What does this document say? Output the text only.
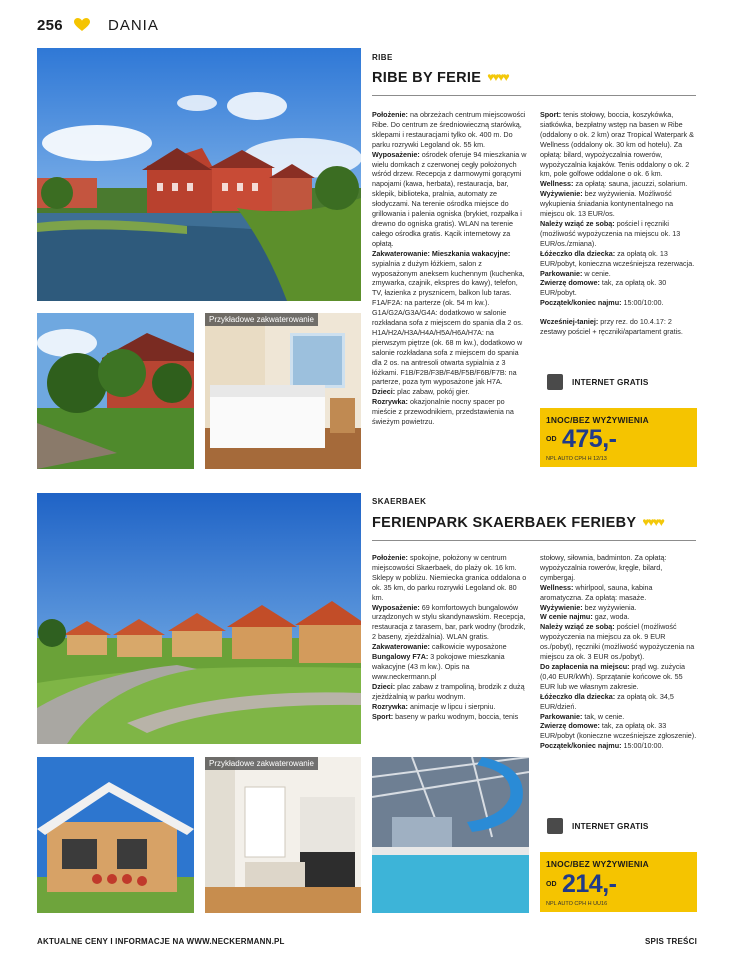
256	DANIA
Przykładowe zakwaterowanie
RIBE
RIBE BY FERIE ♥♥♥♥

Położenie: na obrzeżach centrum miejscowości Ribe. Do centrum ze średniowieczną starówką, sklepami i restauracjami tylko ok. 400 m. Do parku rozrywki Legoland ok. 55 km.

Wyposażenie: ośrodek oferuje 94 mieszkania w wielu domkach z czerwonej cegły położonych wśród drzew. Recepcja z darmowymi gorącymi napojami (kawa, herbata), restauracja, bar, sklepik, biblioteka, pralnia, automaty ze słodyczami. Na terenie ośrodka miejsce do grillowania i palenia ogniska (brykiet, rozpałka i drewno do ogniska gratis). WLAN na terenie całego ośrodka gratis. Kącik internetowy za opłatą.

Zakwaterowanie: Mieszkania wakacyjne: sypialnia z dużym łóżkiem, salon z wyposażonym aneksem kuchennym (kuchenka, zmywarka, czajnik, ekspres do kawy), telefon, TV, łazienka z prysznicem, balkon lub taras. F1A/F2A: na parterze (ok. 54 m kw.). G1A/G2A/G3A/G4A: dodatkowo w salonie rozkładana sofa z miejscem do spania dla 2 os. H1A/H2A/H3A/H4A/H5A/H6A/H7A: na pierwszym piętrze (ok. 68 m kw.), dodatkowo w salonie rozkładana sofa z miejscem do spania dla 2 os. na antresoli otwarta sypialnia z 3 łóżkami. F1B/F2B/F3B/F4B/F5B/F6B/F7B: na parterze, poza tym wyposażone jak H7A.

Dzieci: plac zabaw, pokój gier.

Rozrywka: okazjonalnie nocny spacer po mieście z przewodnikiem, przedstawienia na świeżym powietrzu.

Sport: tenis stołowy, boccia, koszykówka, siatkówka, bezpłatny wstęp na basen w Ribe (oddalony o ok. 2 km) oraz Tropical Waterpark & Wellness (oddalony ok. 30 km od hotelu). Za opłatą: bilard, wypożyczalnia rowerów, wypożyczalnia kajaków. Tenis oddalony o ok. 2 km, pole golfowe oddalone o ok. 6 km.

Wellness: za opłatą: sauna, jacuzzi, solarium.

Wyżywienie: bez wyżywienia. Możliwość wykupienia śniadania kontynentalnego na miejscu ok. 13 EUR/os.

Należy wziąć ze sobą: pościel i ręczniki (możliwość wypożyczenia na miejscu ok. 13 EUR/os./zmiana).

Łóżeczko dla dziecka: za opłatą ok. 13 EUR/pobyt, konieczna wcześniejsza rezerwacja.

Parkowanie: w cenie.

Zwierzę domowe: tak, za opłatą ok. 30 EUR/pobyt.

Początek/koniec najmu: 15:00/10:00.

Wcześniej-taniej: przy rez. do 10.4.17: 2 zestawy pościel + ręczniki/apartament gratis.

INTERNET GRATIS
1NOC/BEZ WYŻYWIENIA
OD 475,-
NPL AUTO CPH H 12/13
Przykładowe zakwaterowanie
SKAERBAEK
FERIENPARK SKAERBAEK FERIEBY ♥♥♥♥

Położenie: spokojne, położony w centrum miejscowości Skaerbaek, do plaży ok. 16 km. Sklepy w pobliżu. Niemiecka granica oddalona o ok. 35 km, do parku rozrywki Legoland ok. 80 km.

Wyposażenie: 69 komfortowych bungalowów urządzonych w stylu skandynawskim. Recepcja, restauracja z tarasem, bar, park wodny (brodzik, 2 baseny, zjeżdżalnia). WLAN gratis.

Zakwaterowanie: całkowicie wyposażone

Bungalowy F7A: 3 pokojowe mieszkania wakacyjne (43 m kw.). Opis na www.neckermann.pl

Dzieci: plac zabaw z trampoliną, brodzik z dużą zjeżdżalnią w parku wodnym.

Rozrywka: animacje w lipcu i sierpniu.

Sport: baseny w parku wodnym, boccia, tenis

stołowy, siłownia, badminton. Za opłatą: wypożyczalnia rowerów, kręgle, bilard, cymbergaj.

Wellness: whirlpool, sauna, kabina aromatyczna. Za opłatą: masaże.

Wyżywienie: bez wyżywienia.

W cenie najmu: gaz, woda.

Należy wziąć ze sobą: pościel (możliwość wypożyczenia na miejscu za ok. 9 EUR os./pobyt), ręczniki (możliwość wypożyczenia na miejscu za ok. 3 EUR os./pobyt).

Do zapłacenia na miejscu: prąd wg. zużycia (0,40 EUR/kWh). Sprzątanie końcowe ok. 55 EUR lub we własnym zakresie.

Łóżeczko dla dziecka: za opłatą ok. 34,5 EUR/dzień.

Parkowanie: tak, w cenie.

Zwierzę domowe: tak, za opłatą ok. 33 EUR/pobyt (konieczne wcześniejsze zgłoszenie).

Początek/koniec najmu: 15:00/10:00.

INTERNET GRATIS
1NOC/BEZ WYŻYWIENIA
OD 214,-
NPL AUTO CPH H UU16
AKTUALNE CENY I INFORMACJE NA WWW.NECKERMANN.PL	SPIS TREŚCI
